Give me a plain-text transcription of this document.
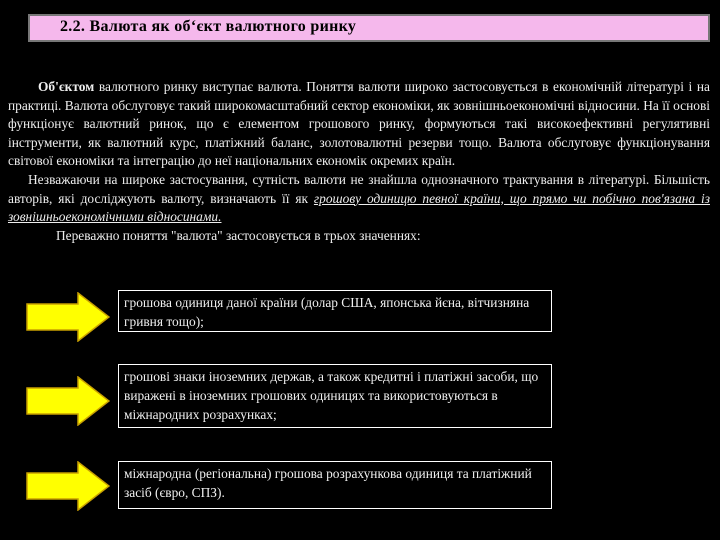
2.2. Валюта як об‘єкт валютного ринку

Об'єктом валютного ринку виступає валюта. Поняття валюти широко застосовується в економічній літературі і на практиці. Валюта обслуговує такий широкомасштабний сектор економіки, як зовнішньоекономічні відносини. На її основі функціонує валютний ринок, що є елементом грошового ринку, формуються такі високоефективні регулятивні інструменти, як валютний курс, платіжний баланс, золотовалютні резерви тощо. Валюта обслуговує функціонування світової економіки та інтеграцію до неї національних економік окремих країн.

Незважаючи на широке застосування, сутність валюти не знайшла однозначного трактування в літературі. Більшість авторів, які досліджують валюту, визначають її як грошову одиницю певної країни, що прямо чи побічно пов'язана із зовнішньоекономічними відносинами.

Переважно поняття "валюта" застосовується в трьох значеннях:

грошова одиниця даної країни (долар США, японська йєна, вітчизняна гривня тощо);
грошові знаки іноземних держав, а також кредитні і платіжні засоби, що виражені в іноземних грошових одиницях та використовуються в міжнародних розрахунках;
міжнародна (регіональна) грошова розрахункова одиниця та платіжний засіб (євро, СПЗ).
